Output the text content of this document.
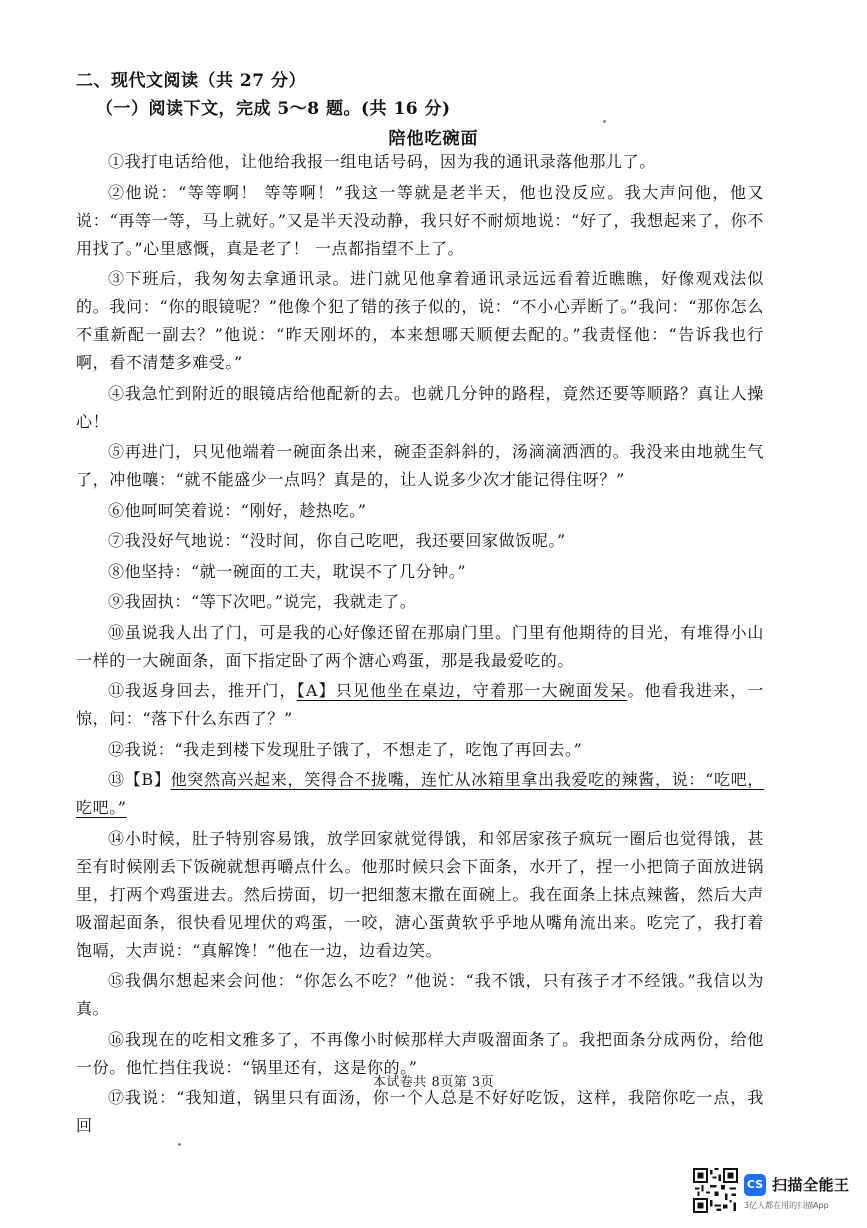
二、现代文阅读（共 27 分）
（一）阅读下文，完成 5～8 题。(共 16 分)
陪他吃碗面

①我打电话给他，让他给我报一组电话号码，因为我的通讯录落他那儿了。

②他说：“等等啊！ 等等啊！”我这一等就是老半天，他也没反应。我大声问他，他又说：“再等一等，马上就好。”又是半天没动静，我只好不耐烦地说：“好了，我想起来了，你不用找了。”心里感慨，真是老了！ 一点都指望不上了。

③下班后，我匆匆去拿通讯录。进门就见他拿着通讯录远远看着近瞧瞧，好像观戏法似的。我问：“你的眼镜呢？”他像个犯了错的孩子似的，说：“不小心弄断了。”我问：“那你怎么不重新配一副去？”他说：“昨天刚坏的，本来想哪天顺便去配的。”我责怪他：“告诉我也行啊，看不清楚多难受。”

④我急忙到附近的眼镜店给他配新的去。也就几分钟的路程，竟然还要等顺路？真让人操心！

⑤再进门，只见他端着一碗面条出来，碗歪歪斜斜的，汤滴滴洒洒的。我没来由地就生气了，冲他嚷：“就不能盛少一点吗？真是的，让人说多少次才能记得住呀？”

⑥他呵呵笑着说：“刚好，趁热吃。”

⑦我没好气地说：“没时间，你自己吃吧，我还要回家做饭呢。”

⑧他坚持：“就一碗面的工夫，耽误不了几分钟。”

⑨我固执：“等下次吧。”说完，我就走了。

⑩虽说我人出了门，可是我的心好像还留在那扇门里。门里有他期待的目光，有堆得小山一样的一大碗面条，面下指定卧了两个溏心鸡蛋，那是我最爱吃的。

⑪我返身回去，推开门，【A】只见他坐在桌边，守着那一大碗面发呆。他看我进来，一惊，问：“落下什么东西了？”

⑫我说：“我走到楼下发现肚子饿了，不想走了，吃饱了再回去。”

⑬【B】他突然高兴起来，笑得合不拢嘴，连忙从冰箱里拿出我爱吃的辣酱，说：“吃吧，吃吧。”

⑭小时候，肚子特别容易饿，放学回家就觉得饿，和邻居家孩子疯玩一圈后也觉得饿，甚至有时候刚丢下饭碗就想再嚼点什么。他那时候只会下面条，水开了，捏一小把筒子面放进锅里，打两个鸡蛋进去。然后捞面，切一把细葱末撒在面碗上。我在面条上抹点辣酱，然后大声吸溜起面条，很快看见埋伏的鸡蛋，一咬，溏心蛋黄软乎乎地从嘴角流出来。吃完了，我打着饱嗝，大声说：“真解馋！”他在一边，边看边笑。

⑮我偶尔想起来会问他：“你怎么不吃？”他说：“我不饿，只有孩子才不经饿。”我信以为真。

⑯我现在的吃相文雅多了，不再像小时候那样大声吸溜面条了。我把面条分成两份，给他一份。他忙挡住我说：“锅里还有，这是你的。”

⑰我说：“我知道，锅里只有面汤，你一个人总是不好好吃饭，这样，我陪你吃一点，我回

本试卷共 8页第 3页
CS 扫描全能王
3亿人都在用的扫描App
